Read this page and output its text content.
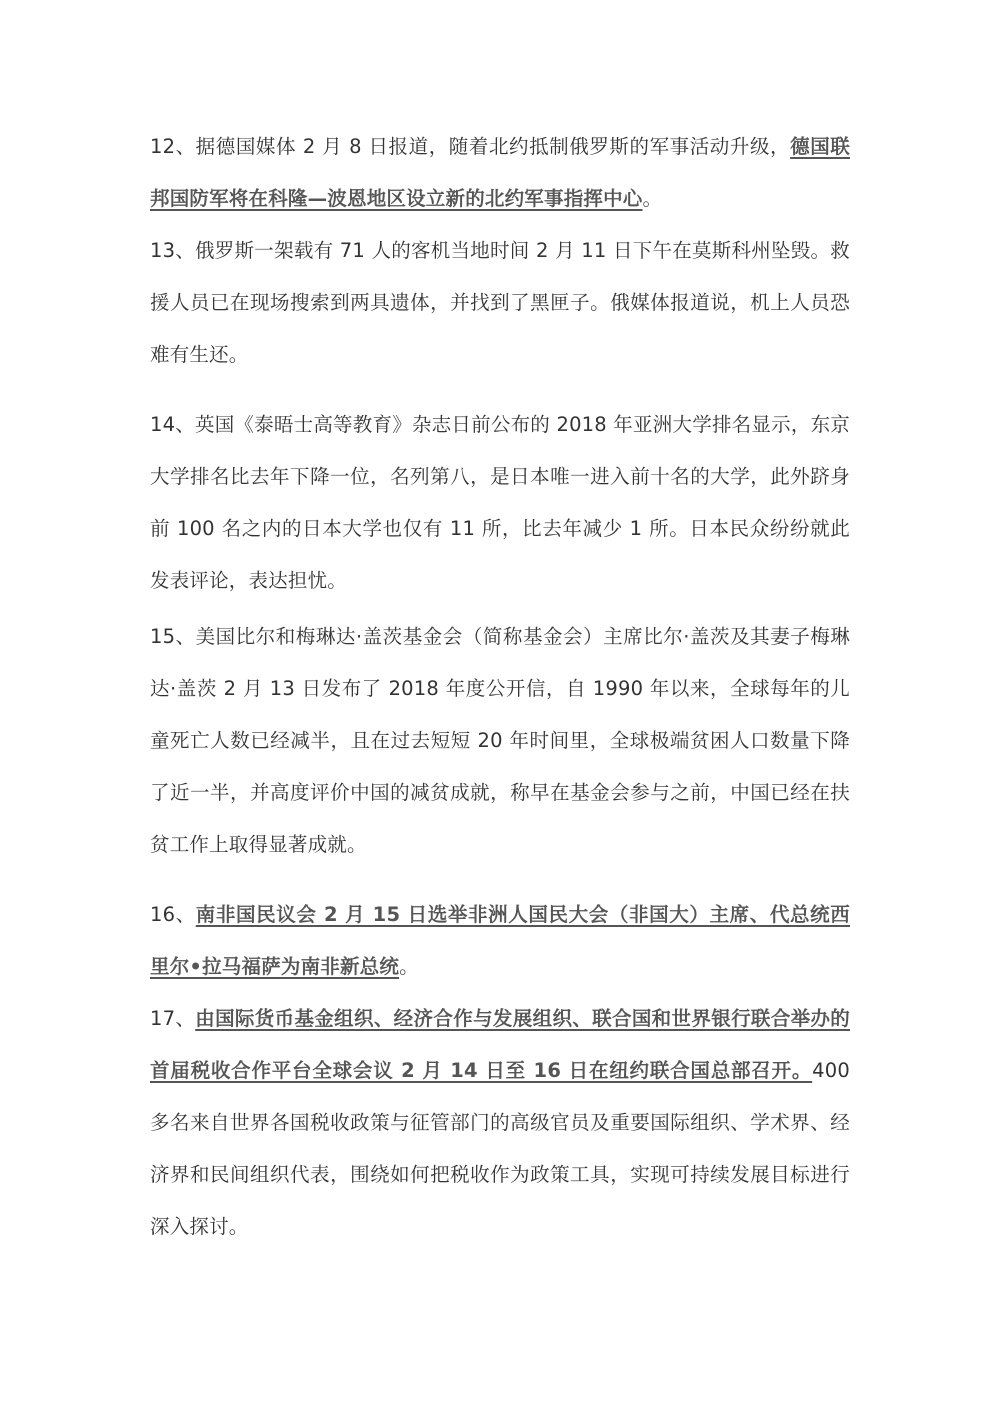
12、据德国媒体 2 月 8 日报道，随着北约抵制俄罗斯的军事活动升级，德国联邦国防军将在科隆—波恩地区设立新的北约军事指挥中心。

13、俄罗斯一架载有 71 人的客机当地时间 2 月 11 日下午在莫斯科州坠毁。救援人员已在现场搜索到两具遗体，并找到了黑匣子。俄媒体报道说，机上人员恐难有生还。

14、英国《泰晤士高等教育》杂志日前公布的 2018 年亚洲大学排名显示，东京大学排名比去年下降一位，名列第八，是日本唯一进入前十名的大学，此外跻身前 100 名之内的日本大学也仅有 11 所，比去年减少 1 所。日本民众纷纷就此发表评论，表达担忧。

15、美国比尔和梅琳达·盖茨基金会（简称基金会）主席比尔·盖茨及其妻子梅琳达·盖茨 2 月 13 日发布了 2018 年度公开信，自 1990 年以来，全球每年的儿童死亡人数已经减半，且在过去短短 20 年时间里，全球极端贫困人口数量下降了近一半，并高度评价中国的减贫成就，称早在基金会参与之前，中国已经在扶贫工作上取得显著成就。

16、南非国民议会 2 月 15 日选举非洲人国民大会（非国大）主席、代总统西里尔•拉马福萨为南非新总统。

17、由国际货币基金组织、经济合作与发展组织、联合国和世界银行联合举办的首届税收合作平台全球会议 2 月 14 日至 16 日在纽约联合国总部召开。400 多名来自世界各国税收政策与征管部门的高级官员及重要国际组织、学术界、经济界和民间组织代表，围绕如何把税收作为政策工具，实现可持续发展目标进行深入探讨。
